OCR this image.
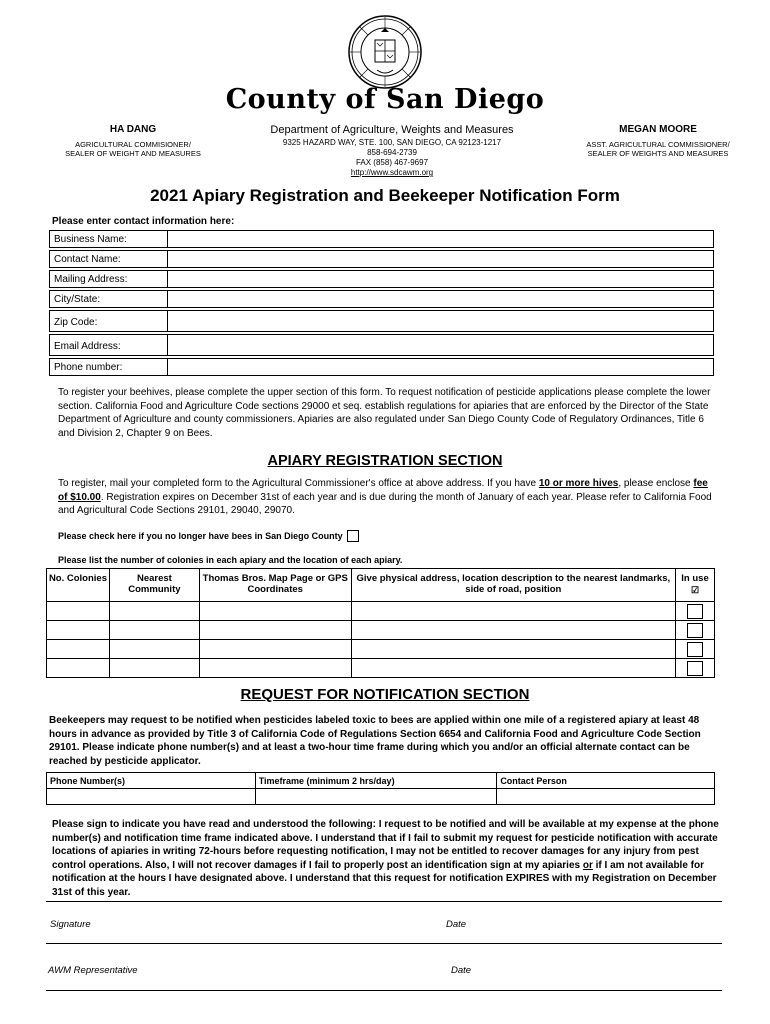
County of San Diego
HA DANG
AGRICULTURAL COMMISIONER/
SEALER OF WEIGHT AND MEASURES
Department of Agriculture, Weights and Measures
9325 HAZARD WAY, STE. 100, SAN DIEGO, CA 92123-1217
858-694-2739
FAX (858) 467-9697
http://www.sdcawm.org
MEGAN MOORE
ASST. AGRICULTURAL COMMISSIONER/
SEALER OF WEIGHTS AND MEASURES
2021 Apiary Registration and Beekeeper Notification Form
Please enter contact information here:
Business Name:
Contact Name:
Mailing Address:
City/State:
Zip Code:
Email Address:
Phone number:
To register your beehives, please complete the upper section of this form. To request notification of pesticide applications please complete the lower section. California Food and Agriculture Code sections 29000 et seq. establish regulations for apiaries that are enforced by the Director of the State Department of Agriculture and county commissioners. Apiaries are also regulated under San Diego County Code of Regulatory Ordinances, Title 6 and Division 2, Chapter 9 on Bees.
APIARY REGISTRATION SECTION
To register, mail your completed form to the Agricultural Commissioner's office at above address. If you have 10 or more hives, please enclose fee of $10.00. Registration expires on December 31st of each year and is due during the month of January of each year. Please refer to California Food and Agricultural Code Sections 29101, 29040, 29070.
Please check here if you no longer have bees in San Diego County
Please list the number of colonies in each apiary and the location of each apiary.
No. Colonies	Nearest Community	Thomas Bros. Map Page or GPS Coordinates	Give physical address, location description to the nearest landmarks, side of road, position	In use
☑

REQUEST FOR NOTIFICATION SECTION
Beekeepers may request to be notified when pesticides labeled toxic to bees are applied within one mile of a registered apiary at least 48 hours in advance as provided by Title 3 of California Code of Regulations Section 6654 and California Food and Agriculture Code Section 29101. Please indicate phone number(s) and at least a two-hour time frame during which you and/or an official alternate contact can be reached by pesticide applicator.
Phone Number(s)	Timeframe (minimum 2 hrs/day)	Contact Person

Please sign to indicate you have read and understood the following: I request to be notified and will be available at my expense at the phone number(s) and notification time frame indicated above. I understand that if I fail to submit my request for pesticide notification with accurate locations of apiaries in writing 72-hours before requesting notification, I may not be entitled to recover damages for any injury from pest control operations. Also, I will not recover damages if I fail to properly post an identification sign at my apiaries or if I am not available for notification at the hours I have designated above. I understand that this request for notification EXPIRES with my Registration on December 31st of this year.
Signature	Date
AWM Representative	Date
